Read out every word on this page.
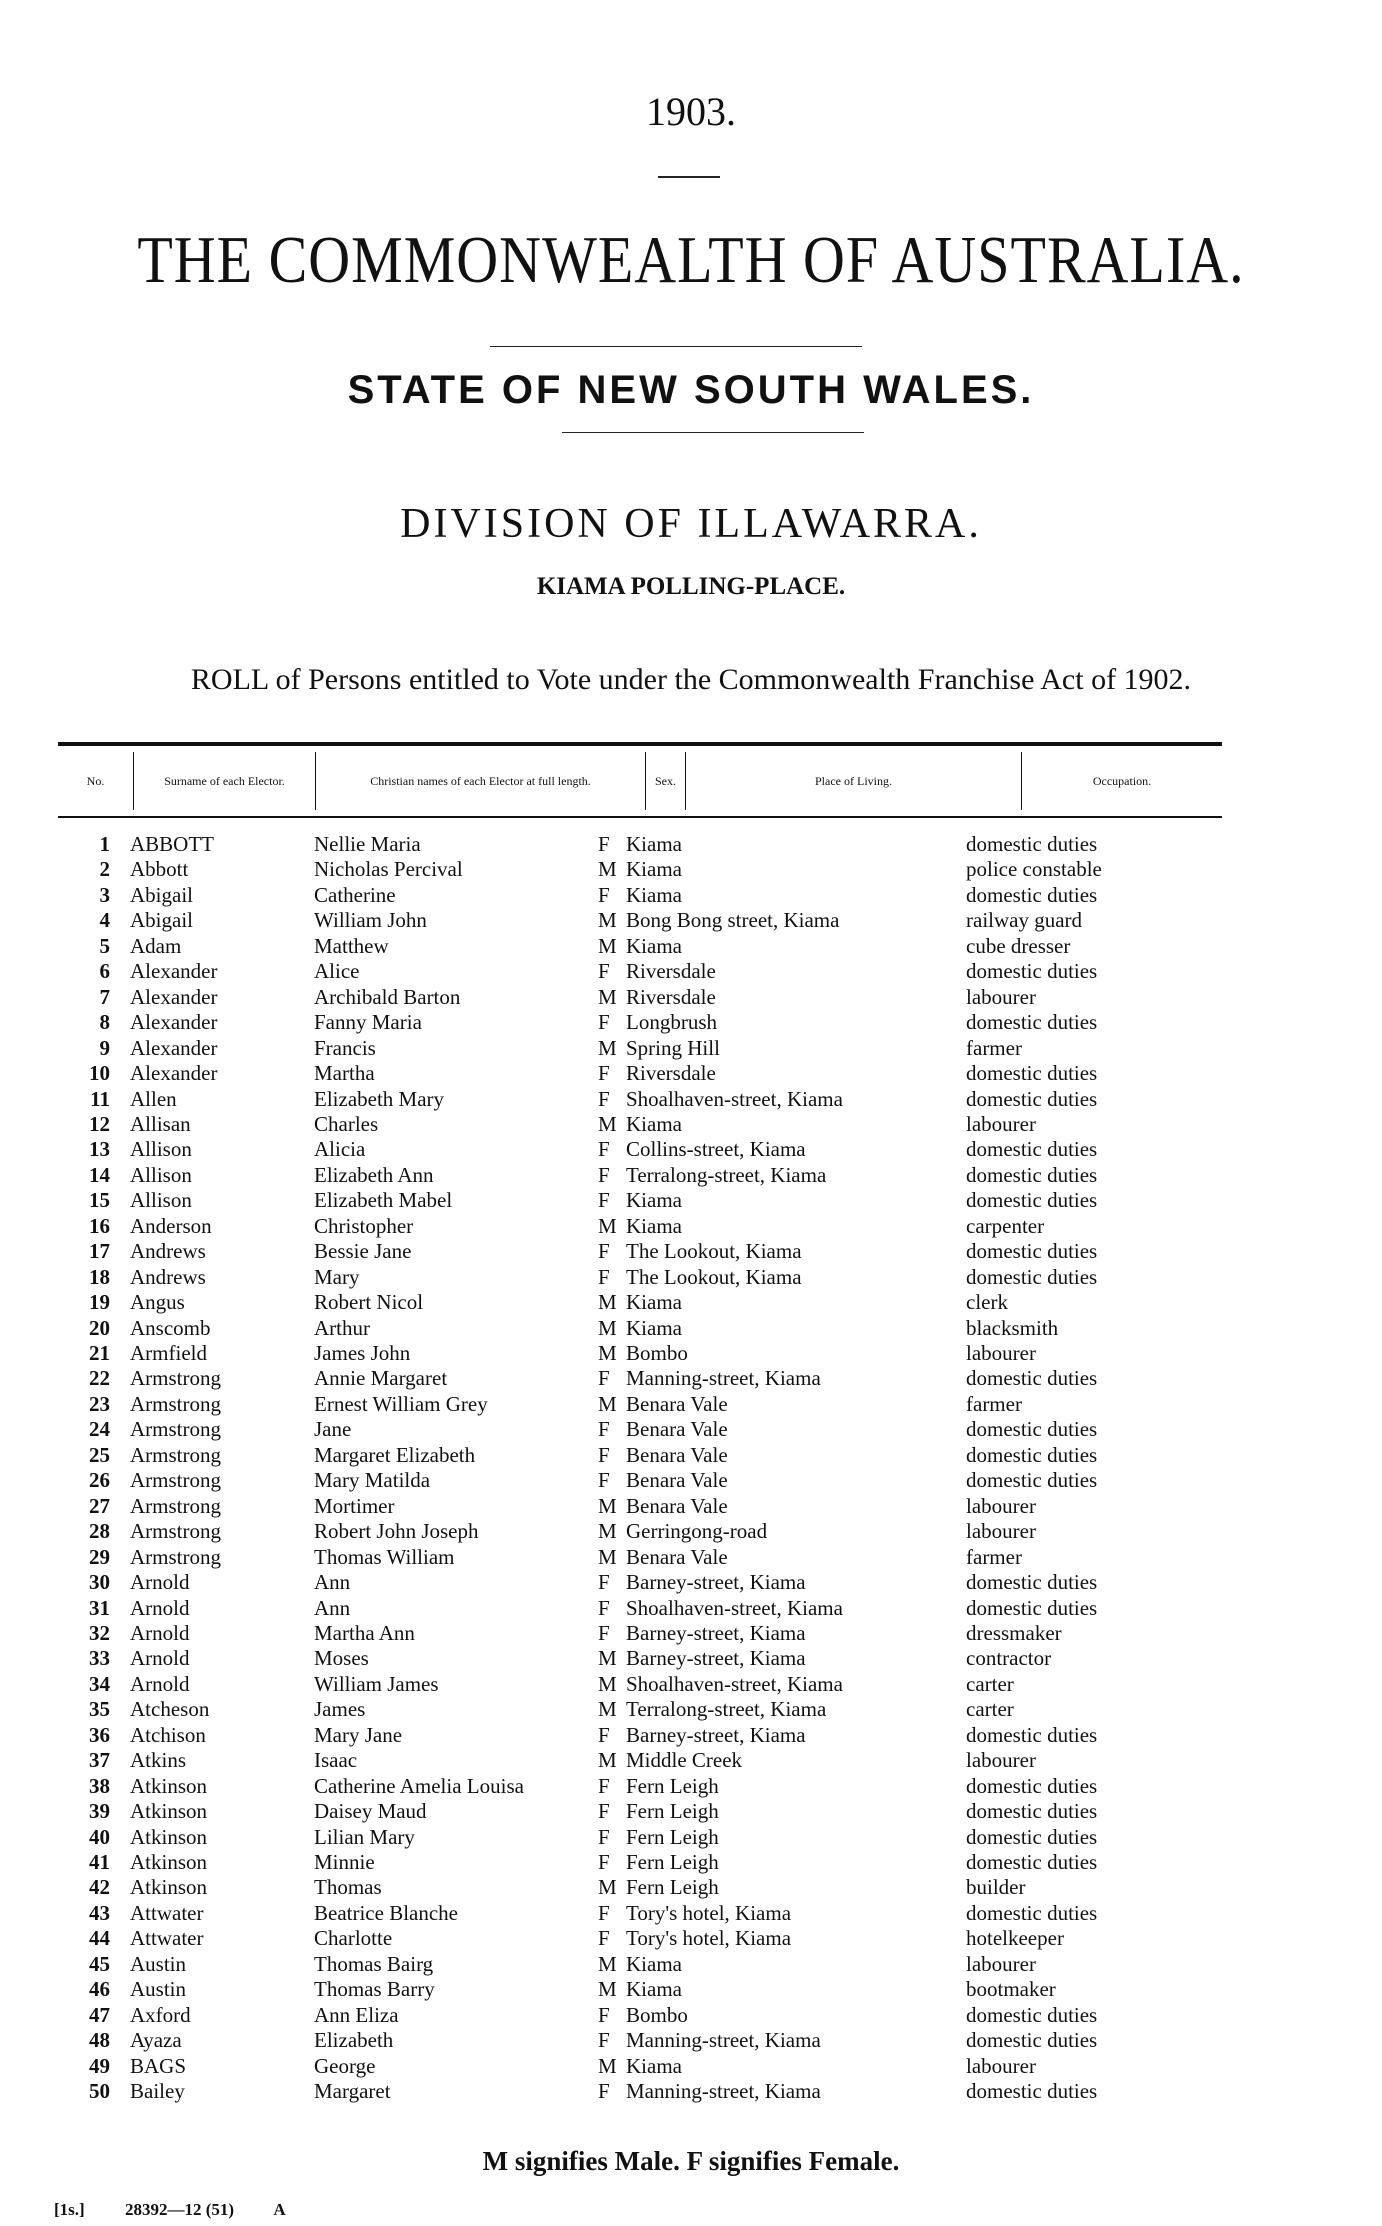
1903.
THE COMMONWEALTH OF AUSTRALIA.
STATE OF NEW SOUTH WALES.
DIVISION OF ILLAWARRA.
KIAMA POLLING-PLACE.
ROLL of Persons entitled to Vote under the Commonwealth Franchise Act of 1902.
No.	Surname of each Elector.	Christian names of each Elector at full length.	Sex.	Place of Living.	Occupation.
1 ABBOTT	Nellie Maria	F Kiama	domestic duties
2 Abbott	Nicholas Percival	M Kiama	police constable
3 Abigail	Catherine	F Kiama	domestic duties
4 Abigail	William John	M Bong Bong street, Kiama	railway guard
5 Adam	Matthew	M Kiama	cube dresser
6 Alexander	Alice	F Riversdale	domestic duties
7 Alexander	Archibald Barton	M Riversdale	labourer
8 Alexander	Fanny Maria	F Longbrush	domestic duties
9 Alexander	Francis	M Spring Hill	farmer
10 Alexander	Martha	F Riversdale	domestic duties
11 Allen	Elizabeth Mary	F Shoalhaven-street, Kiama	domestic duties
12 Allisan	Charles	M Kiama	labourer
13 Allison	Alicia	F Collins-street, Kiama	domestic duties
14 Allison	Elizabeth Ann	F Terralong-street, Kiama	domestic duties
15 Allison	Elizabeth Mabel	F Kiama	domestic duties
16 Anderson	Christopher	M Kiama	carpenter
17 Andrews	Bessie Jane	F The Lookout, Kiama	domestic duties
18 Andrews	Mary	F The Lookout, Kiama	domestic duties
19 Angus	Robert Nicol	M Kiama	clerk
20 Anscomb	Arthur	M Kiama	blacksmith
21 Armfield	James John	M Bombo	labourer
22 Armstrong	Annie Margaret	F Manning-street, Kiama	domestic duties
23 Armstrong	Ernest William Grey	M Benara Vale	farmer
24 Armstrong	Jane	F Benara Vale	domestic duties
25 Armstrong	Margaret Elizabeth	F Benara Vale	domestic duties
26 Armstrong	Mary Matilda	F Benara Vale	domestic duties
27 Armstrong	Mortimer	M Benara Vale	labourer
28 Armstrong	Robert John Joseph	M Gerringong-road	labourer
29 Armstrong	Thomas William	M Benara Vale	farmer
30 Arnold	Ann	F Barney-street, Kiama	domestic duties
31 Arnold	Ann	F Shoalhaven-street, Kiama	domestic duties
32 Arnold	Martha Ann	F Barney-street, Kiama	dressmaker
33 Arnold	Moses	M Barney-street, Kiama	contractor
34 Arnold	William James	M Shoalhaven-street, Kiama	carter
35 Atcheson	James	M Terralong-street, Kiama	carter
36 Atchison	Mary Jane	F Barney-street, Kiama	domestic duties
37 Atkins	Isaac	M Middle Creek	labourer
38 Atkinson	Catherine Amelia Louisa	F Fern Leigh	domestic duties
39 Atkinson	Daisey Maud	F Fern Leigh	domestic duties
40 Atkinson	Lilian Mary	F Fern Leigh	domestic duties
41 Atkinson	Minnie	F Fern Leigh	domestic duties
42 Atkinson	Thomas	M Fern Leigh	builder
43 Attwater	Beatrice Blanche	F Tory's hotel, Kiama	domestic duties
44 Attwater	Charlotte	F Tory's hotel, Kiama	hotelkeeper
45 Austin	Thomas Bairg	M Kiama	labourer
46 Austin	Thomas Barry	M Kiama	bootmaker
47 Axford	Ann Eliza	F Bombo	domestic duties
48 Ayaza	Elizabeth	F Manning-street, Kiama	domestic duties
49 BAGS	George	M Kiama	labourer
50 Bailey	Margaret	F Manning-street, Kiama	domestic duties
M signifies Male. F signifies Female.
[1s.] 28392—12 (51) A
